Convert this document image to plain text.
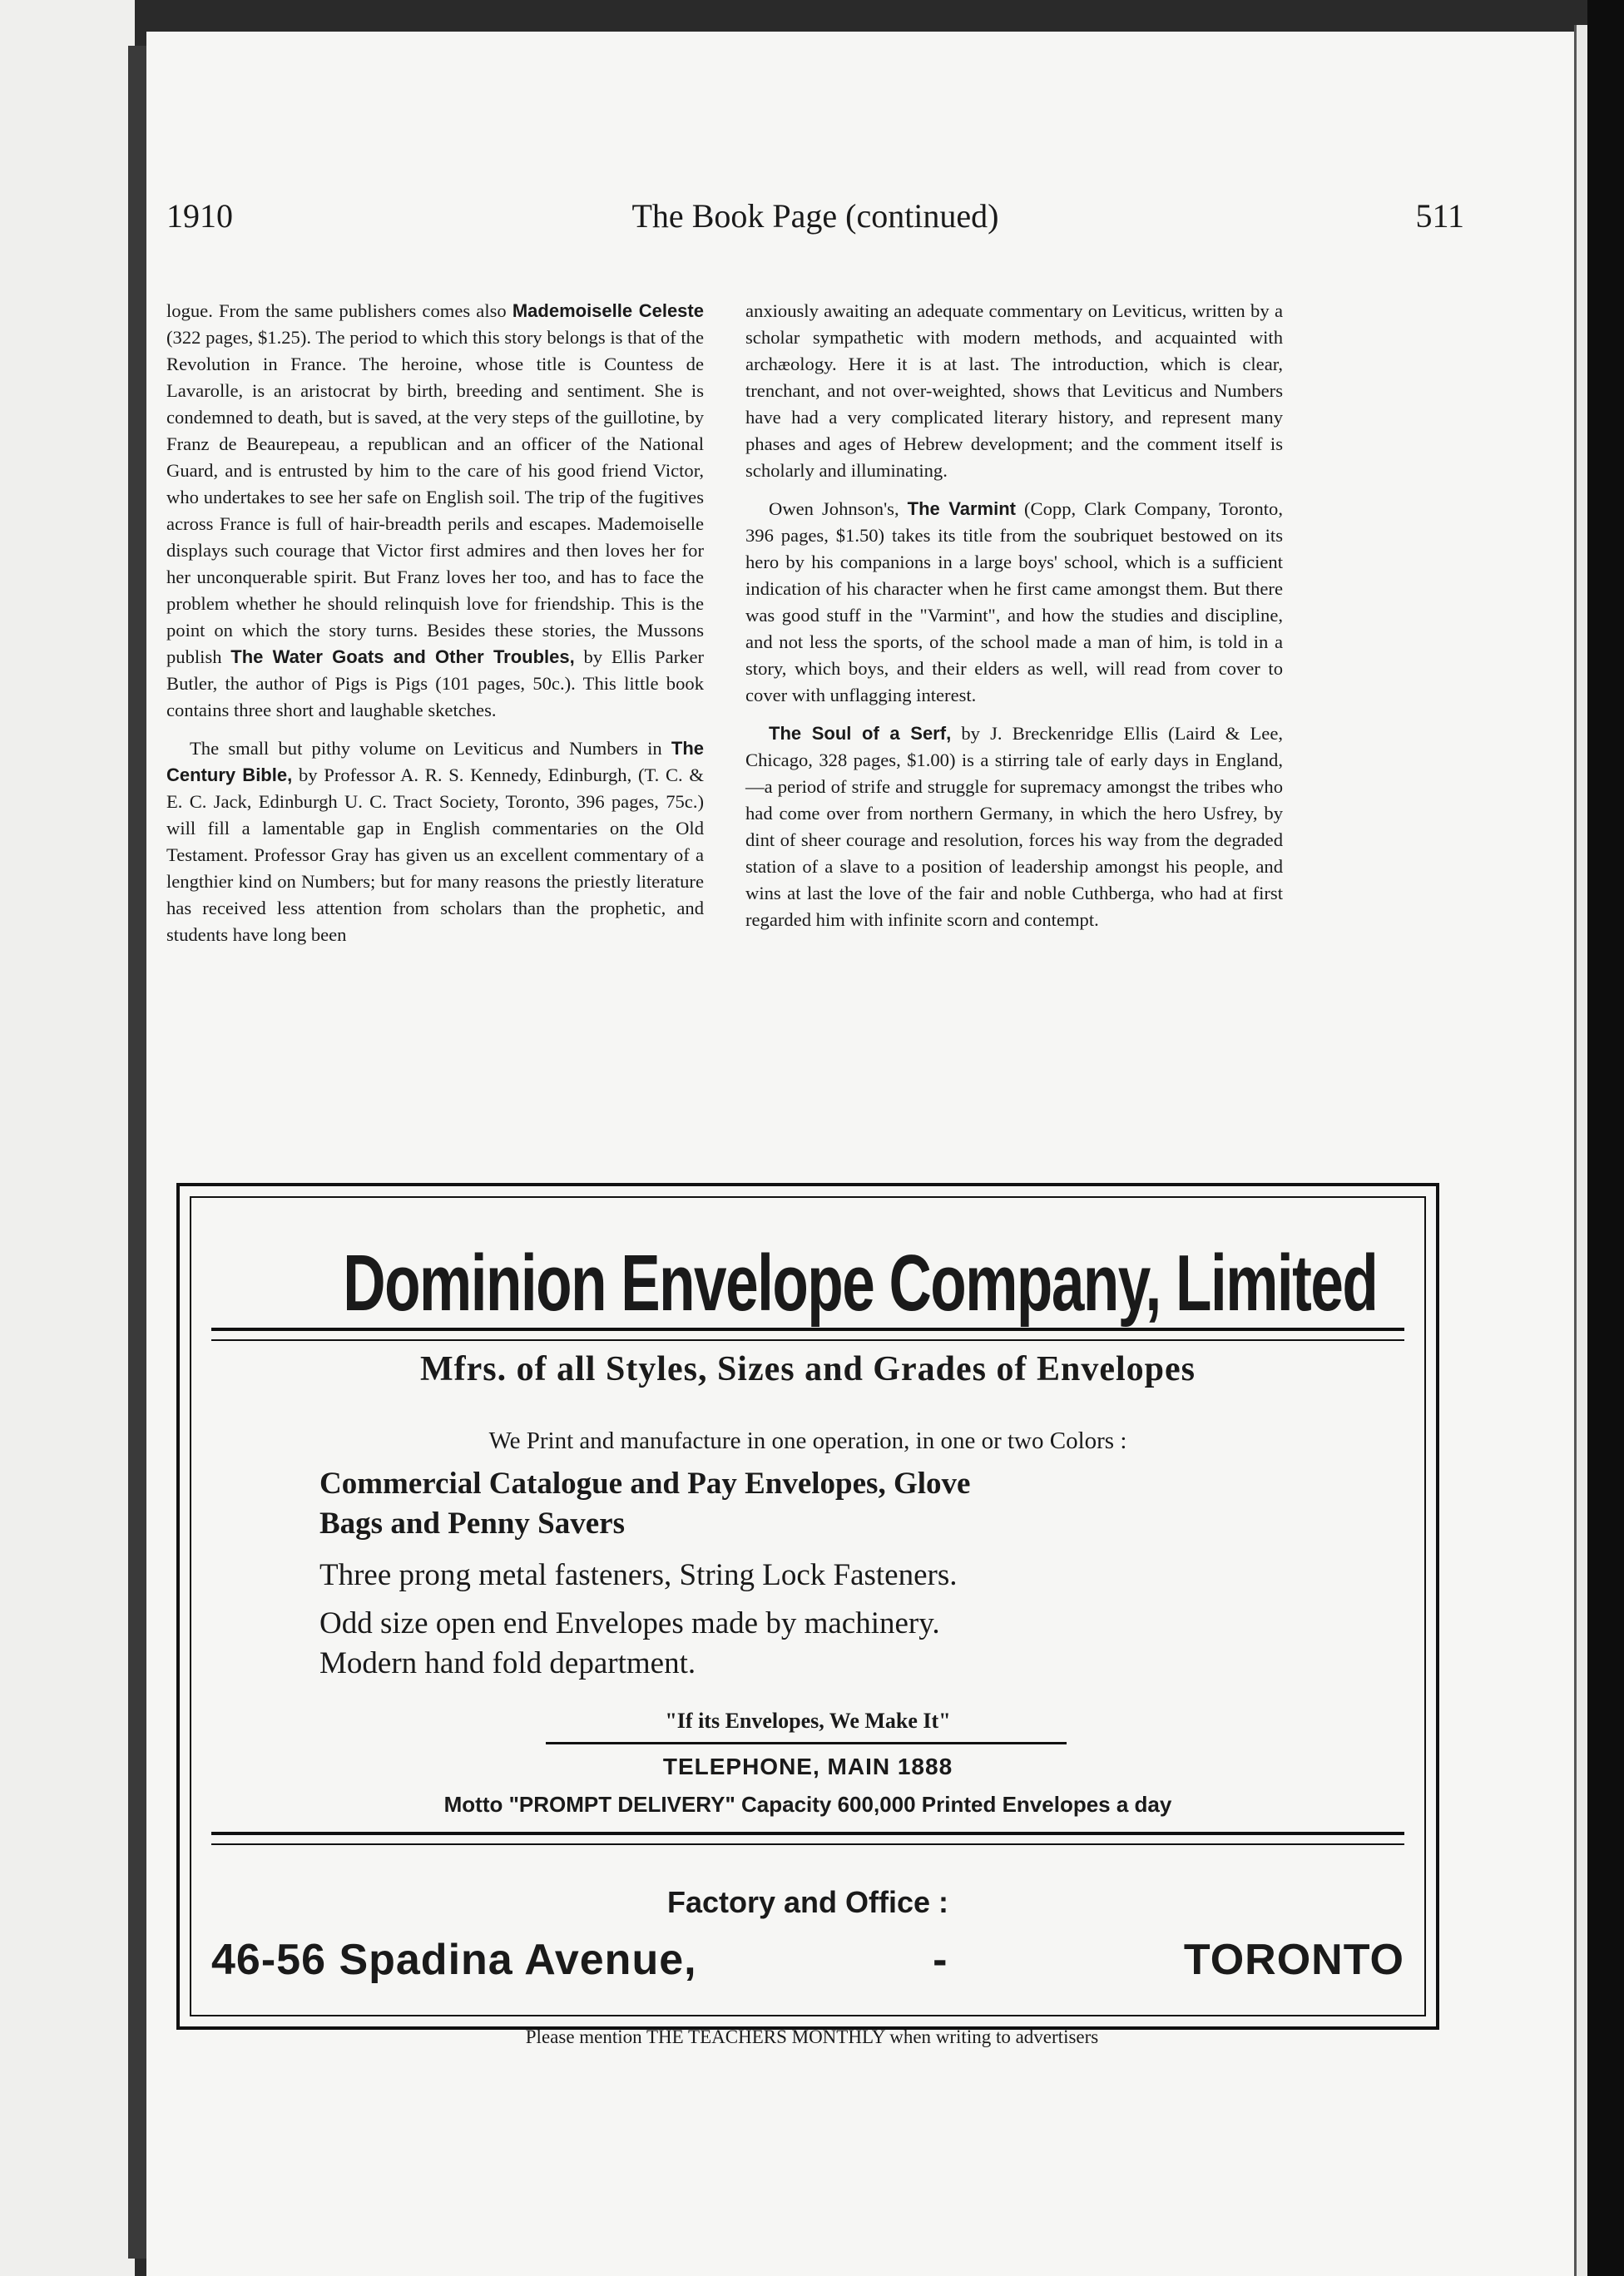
1910	The Book Page (continued)	511

logue. From the same publishers comes also Mademoiselle Celeste (322 pages, $1.25). The period to which this story belongs is that of the Revolution in France. The heroine, whose title is Countess de Lavarolle, is an aristocrat by birth, breeding and sentiment. She is condemned to death, but is saved, at the very steps of the guillotine, by Franz de Beaurepeau, a republican and an officer of the National Guard, and is entrusted by him to the care of his good friend Victor, who undertakes to see her safe on English soil. The trip of the fugitives across France is full of hair-breadth perils and escapes. Mademoiselle displays such courage that Victor first admires and then loves her for her unconquerable spirit. But Franz loves her too, and has to face the problem whether he should relinquish love for friendship. This is the point on which the story turns. Besides these stories, the Mussons publish The Water Goats and Other Troubles, by Ellis Parker Butler, the author of Pigs is Pigs (101 pages, 50c.). This little book contains three short and laughable sketches.

The small but pithy volume on Leviticus and Numbers in The Century Bible, by Professor A. R. S. Kennedy, Edinburgh, (T. C. & E. C. Jack, Edinburgh U. C. Tract Society, Toronto, 396 pages, 75c.) will fill a lamentable gap in English commentaries on the Old Testament. Professor Gray has given us an excellent commentary of a lengthier kind on Numbers; but for many reasons the priestly literature has received less attention from scholars than the prophetic, and students have long been

anxiously awaiting an adequate commentary on Leviticus, written by a scholar sympathetic with modern methods, and acquainted with archæology. Here it is at last. The introduction, which is clear, trenchant, and not over-weighted, shows that Leviticus and Numbers have had a very complicated literary history, and represent many phases and ages of Hebrew development; and the comment itself is scholarly and illuminating.

Owen Johnson's, The Varmint (Copp, Clark Company, Toronto, 396 pages, $1.50) takes its title from the soubriquet bestowed on its hero by his companions in a large boys' school, which is a sufficient indication of his character when he first came amongst them. But there was good stuff in the "Varmint", and how the studies and discipline, and not less the sports, of the school made a man of him, is told in a story, which boys, and their elders as well, will read from cover to cover with unflagging interest.

The Soul of a Serf, by J. Breckenridge Ellis (Laird & Lee, Chicago, 328 pages, $1.00) is a stirring tale of early days in England,—a period of strife and struggle for supremacy amongst the tribes who had come over from northern Germany, in which the hero Usfrey, by dint of sheer courage and resolution, forces his way from the degraded station of a slave to a position of leadership amongst his people, and wins at last the love of the fair and noble Cuthberga, who had at first regarded him with infinite scorn and contempt.

Dominion Envelope Company, Limited
Mfrs. of all Styles, Sizes and Grades of Envelopes
We Print and manufacture in one operation, in one or two Colors :
Commercial Catalogue and Pay Envelopes, Glove
Bags and Penny Savers
Three prong metal fasteners, String Lock Fasteners.
Odd size open end Envelopes made by machinery.
Modern hand fold department.
"If its Envelopes, We Make It"
TELEPHONE, MAIN 1888
Motto "PROMPT DELIVERY" Capacity 600,000 Printed Envelopes a day
Factory and Office :
46-56 Spadina Avenue,	-	TORONTO
Please mention THE TEACHERS MONTHLY when writing to advertisers
